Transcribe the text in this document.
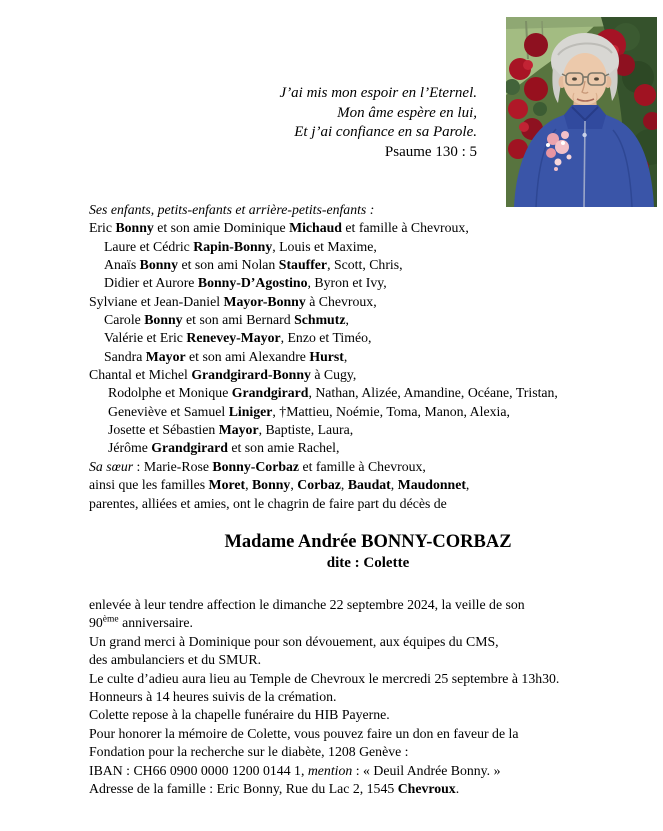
J’ai mis mon espoir en l’Eternel.
Mon âme espère en lui,
Et j’ai confiance en sa Parole.
Psaume 130 : 5
Ses enfants, petits-enfants et arrière-petits-enfants :
Eric Bonny et son amie Dominique Michaud et famille à Chevroux,
Laure et Cédric Rapin-Bonny, Louis et Maxime,
Anaïs Bonny et son ami Nolan Stauffer, Scott, Chris,
Didier et Aurore Bonny-D’Agostino, Byron et Ivy,
Sylviane et Jean-Daniel Mayor-Bonny à Chevroux,
Carole Bonny et son ami Bernard Schmutz,
Valérie et Eric Renevey-Mayor, Enzo et Timéo,
Sandra Mayor et son ami Alexandre Hurst,
Chantal et Michel Grandgirard-Bonny à Cugy,
Rodolphe et Monique Grandgirard, Nathan, Alizée, Amandine, Océane, Tristan,
Geneviève et Samuel Liniger, †Mattieu, Noémie, Toma, Manon, Alexia,
Josette et Sébastien Mayor, Baptiste, Laura,
Jérôme Grandgirard et son amie Rachel,
Sa sœur : Marie-Rose Bonny-Corbaz et famille à Chevroux,
ainsi que les familles Moret, Bonny, Corbaz, Baudat, Maudonnet,
parentes, alliées et amies, ont le chagrin de faire part du décès de

Madame Andrée BONNY-CORBAZ

dite : Colette

enlevée à leur tendre affection le dimanche 22 septembre 2024, la veille de son
90ème anniversaire.
Un grand merci à Dominique pour son dévouement, aux équipes du CMS,
des ambulanciers et du SMUR.
Le culte d’adieu aura lieu au Temple de Chevroux le mercredi 25 septembre à 13h30.
Honneurs à 14 heures suivis de la crémation.
Colette repose à la chapelle funéraire du HIB Payerne.
Pour honorer la mémoire de Colette, vous pouvez faire un don en faveur de la
Fondation pour la recherche sur le diabète, 1208 Genève :
IBAN : CH66 0900 0000 1200 0144 1, mention : « Deuil Andrée Bonny. »
Adresse de la famille : Eric Bonny, Rue du Lac 2, 1545 Chevroux.
